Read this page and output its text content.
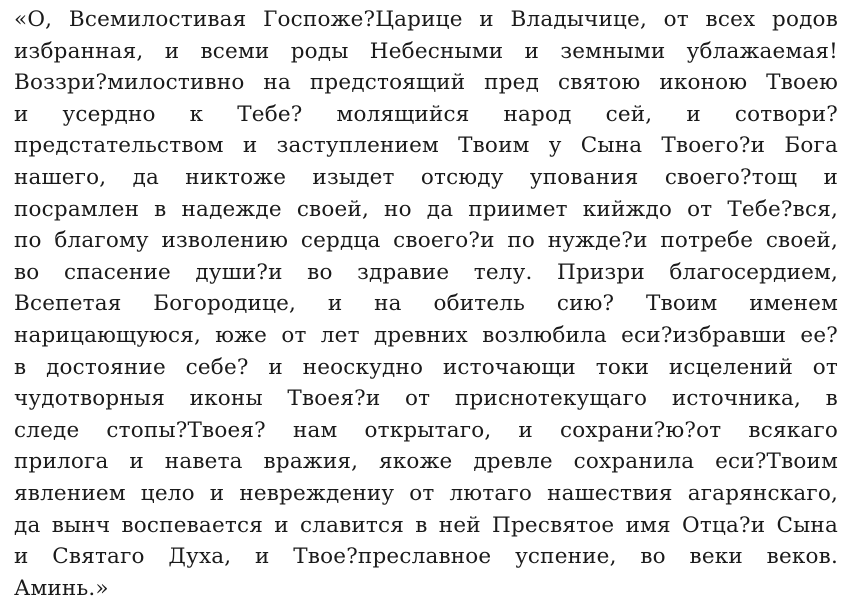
«О, Всемилостивая Госпоже?Царице и Владычице, от всех родов
избранная, и всеми роды Небесными и земными ублажаемая!
Воззри?милостивно на предстоящий пред святою иконою Твоею
и усердно к Тебе? молящийся народ сей, и сотвори?
предстательством и заступлением Твоим у Сына Твоего?и Бога
нашего, да никтоже изыдет отсюду упования своего?тощ и
посрамлен в надежде своей, но да приимет кийждо от Тебе?вся,
по благому изволению сердца своего?и по нужде?и потребе своей,
во спасение души?и во здравие телу. Призри благосердием,
Всепетая Богородице, и на обитель сию? Твоим именем
нарицающуюся, юже от лет древних возлюбила еси?избравши ее?
в достояние себе? и неоскудно источающи токи исцелений от
чудотворныя иконы Твоея?и от приснотекущаго источника, в
следе стопы?Твоея? нам открытаго, и сохрани?ю?от всякаго
прилога и навета вражия, якоже древле сохранила еси?Твоим
явлением цело и невреждениу от лютаго нашествия агарянскаго,
да вынч воспевается и славится в ней Пресвятое имя Отца?и Сына
и Святаго Духа, и Твое?преславное успение, во веки веков.
Аминь.»
